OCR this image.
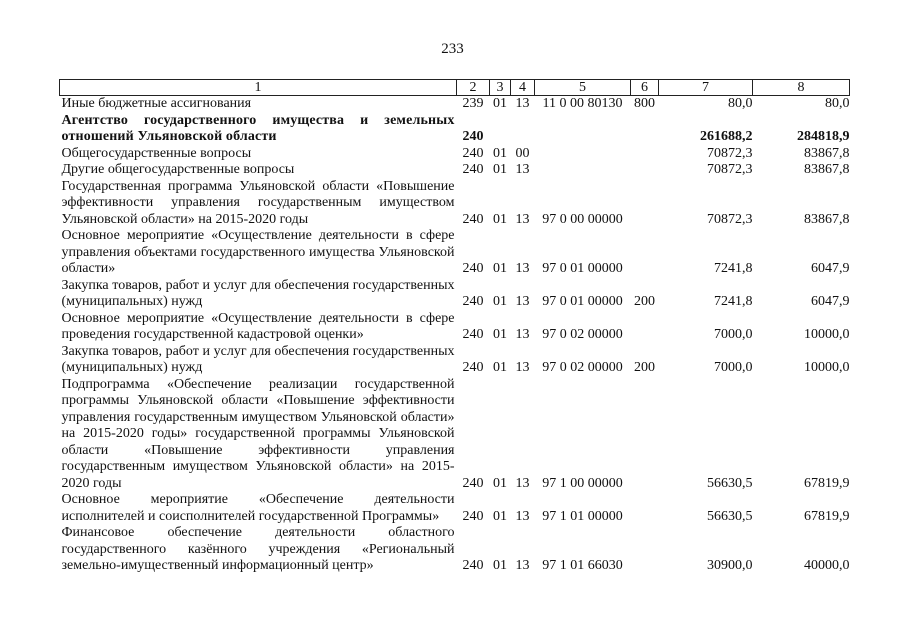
233
1	2	3	4	5	6	7	8
Иные бюджетные ассигнования	239	01	13	11 0 00 80130	800	80,0	80,0
Агентство государственного имущества и земельных отношений Ульяновской области	240					261688,2	284818,9
Общегосударственные вопросы	240	01	00			70872,3	83867,8
Другие общегосударственные вопросы	240	01	13			70872,3	83867,8
Государственная программа Ульяновской области «Повышение эффективности управления государственным имуществом Ульяновской области» на 2015-2020 годы	240	01	13	97 0 00 00000		70872,3	83867,8
Основное мероприятие «Осуществление деятельности в сфере управления объектами государственного имущества Ульяновской области»	240	01	13	97 0 01 00000		7241,8	6047,9
Закупка товаров, работ и услуг для обеспечения государственных (муниципальных) нужд	240	01	13	97 0 01 00000	200	7241,8	6047,9
Основное мероприятие «Осуществление деятельности в сфере проведения государственной кадастровой оценки»	240	01	13	97 0 02 00000		7000,0	10000,0
Закупка товаров, работ и услуг для обеспечения государственных (муниципальных) нужд	240	01	13	97 0 02 00000	200	7000,0	10000,0
Подпрограмма «Обеспечение реализации государственной программы Ульяновской области «Повышение эффективности управления государственным имуществом Ульяновской области» на 2015-2020 годы» государственной программы Ульяновской области «Повышение эффективности управления государственным имуществом Ульяновской области» на 2015-2020 годы	240	01	13	97 1 00 00000		56630,5	67819,9
Основное мероприятие «Обеспечение деятельности исполнителей и соисполнителей государственной Программы»	240	01	13	97 1 01 00000		56630,5	67819,9
Финансовое обеспечение деятельности областного государственного казённого учреждения «Региональный земельно-имущественный информационный центр»	240	01	13	97 1 01 66030		30900,0	40000,0
